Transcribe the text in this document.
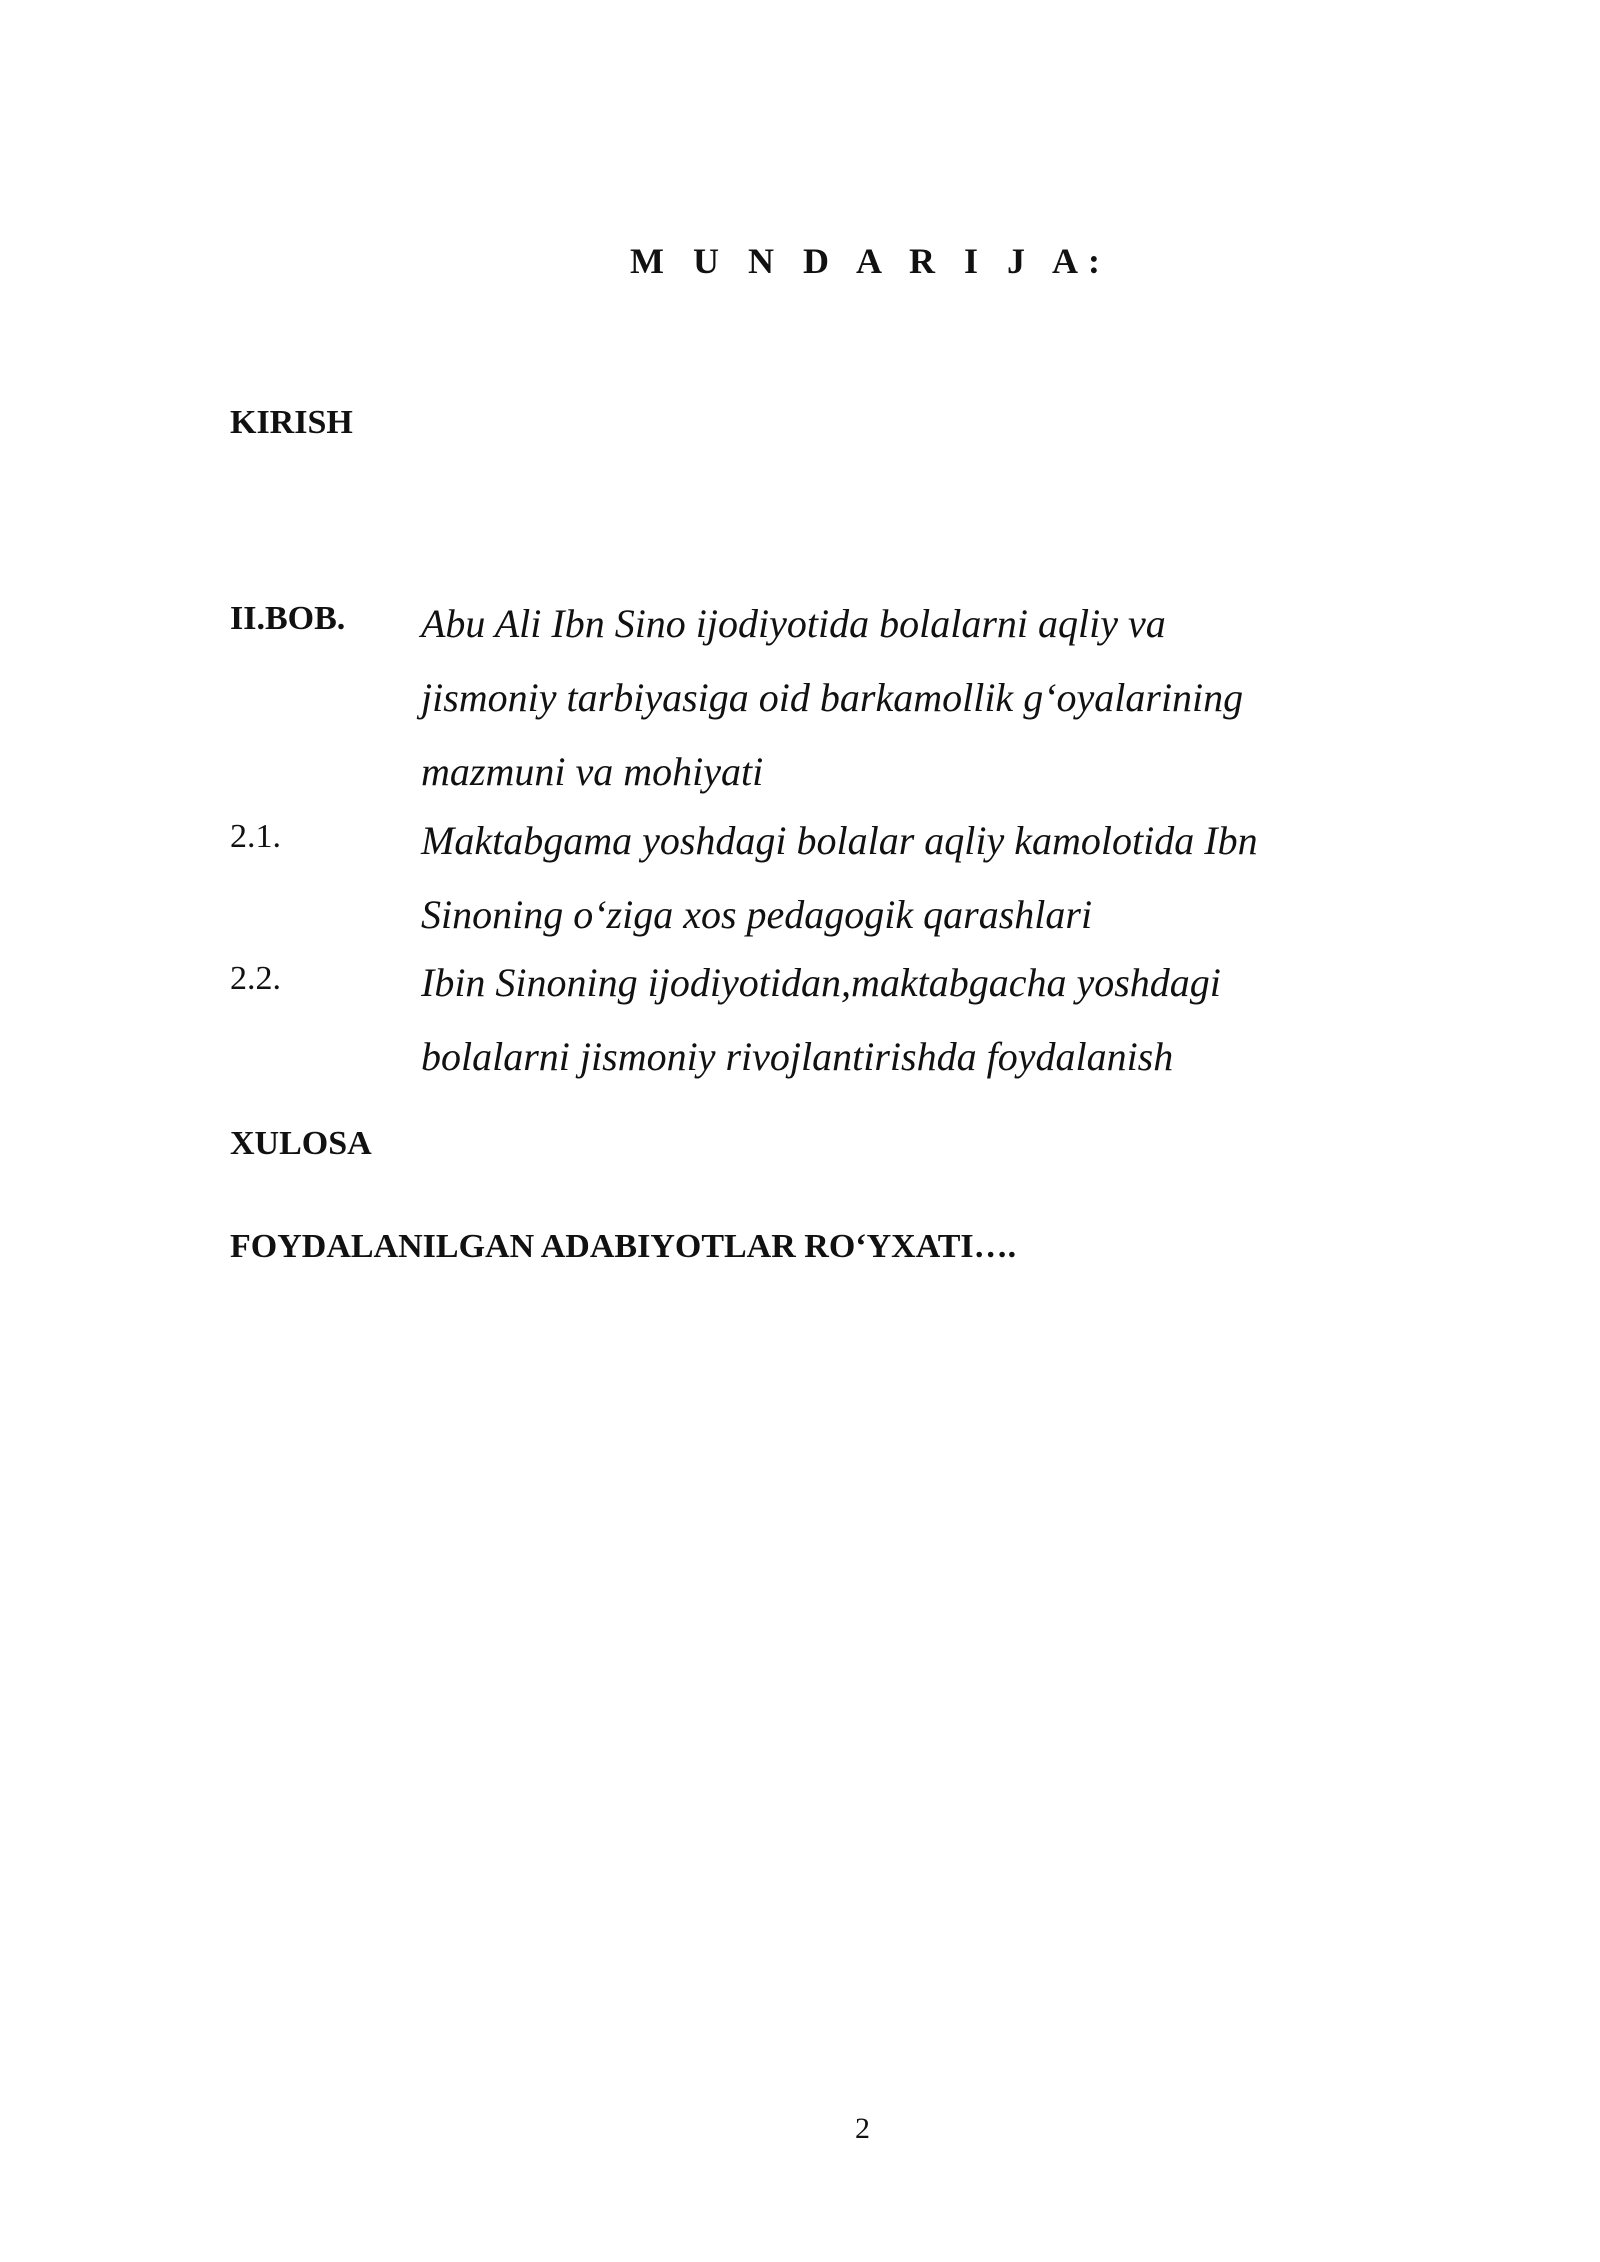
M U N D A R I J A:
KIRISH
II.BOB. Abu Ali Ibn Sino ijodiyotida bolalarni aqliy va
jismoniy tarbiyasiga oid barkamollik g‘oyalarining
mazmuni va mohiyati
2.1.	Maktabgama yoshdagi bolalar aqliy kamolotida Ibn
Sinoning o‘ziga xos pedagogik qarashlari
2.2.	Ibin Sinoning ijodiyotidan,maktabgacha yoshdagi
bolalarni jismoniy rivojlantirishda foydalanish
XULOSA
FOYDALANILGAN ADABIYOTLAR RO‘YXATI….
2
